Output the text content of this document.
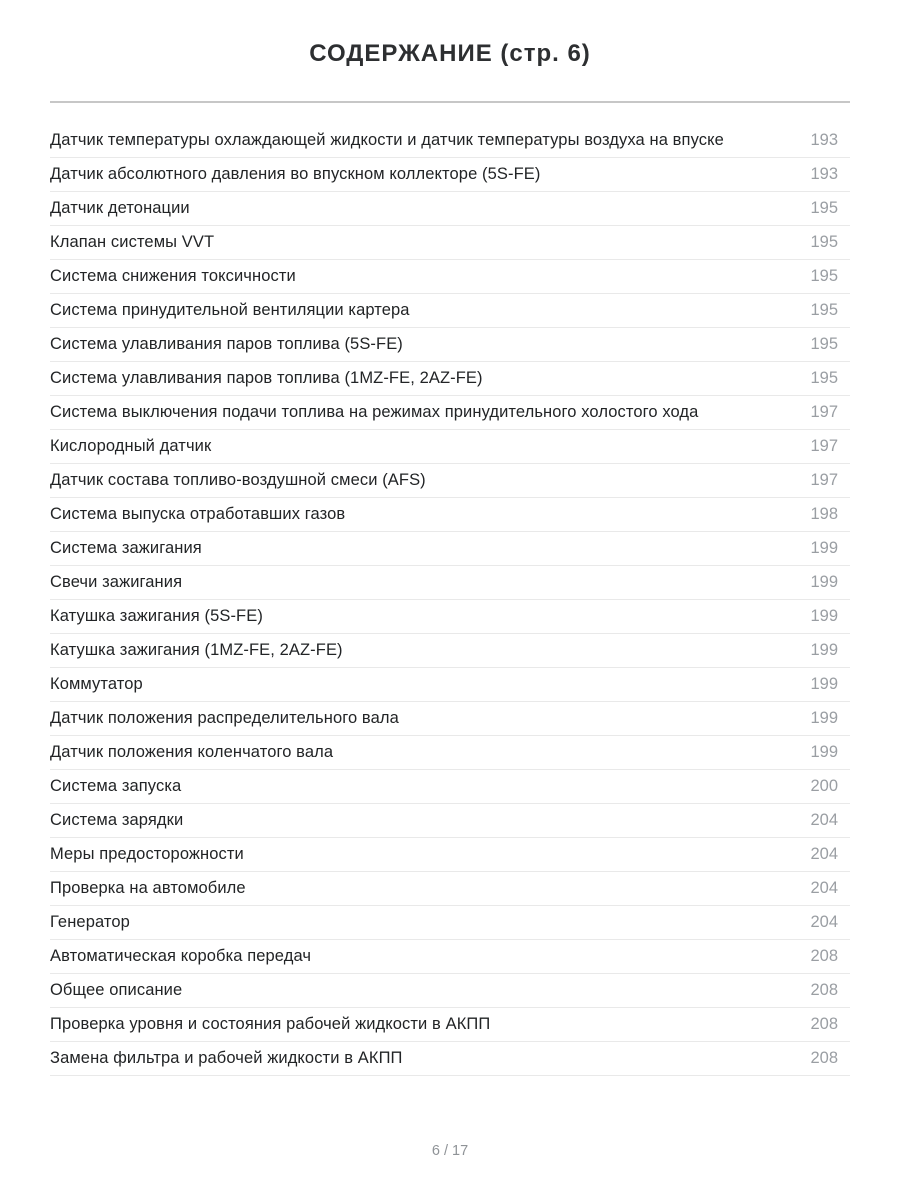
СОДЕРЖАНИЕ (стр. 6)
Датчик температуры охлаждающей жидкости и датчик температуры воздуха на впуске	193
Датчик абсолютного давления во впускном коллекторе (5S-FE)	193
Датчик детонации	195
Клапан системы VVT	195
Система снижения токсичности	195
Система принудительной вентиляции картера	195
Система улавливания паров топлива (5S-FE)	195
Система улавливания паров топлива (1MZ-FE, 2AZ-FE)	195
Система выключения подачи топлива на режимах принудительного холостого хода	197
Кислородный датчик	197
Датчик состава топливо-воздушной смеси (AFS)	197
Система выпуска отработавших газов	198
Система зажигания	199
Свечи зажигания	199
Катушка зажигания (5S-FE)	199
Катушка зажигания (1MZ-FE, 2AZ-FE)	199
Коммутатор	199
Датчик положения распределительного вала	199
Датчик положения коленчатого вала	199
Система запуска	200
Система зарядки	204
Меры предосторожности	204
Проверка на автомобиле	204
Генератор	204
Автоматическая коробка передач	208
Общее описание	208
Проверка уровня и состояния рабочей жидкости в АКПП	208
Замена фильтра и рабочей жидкости в АКПП	208
6 / 17
